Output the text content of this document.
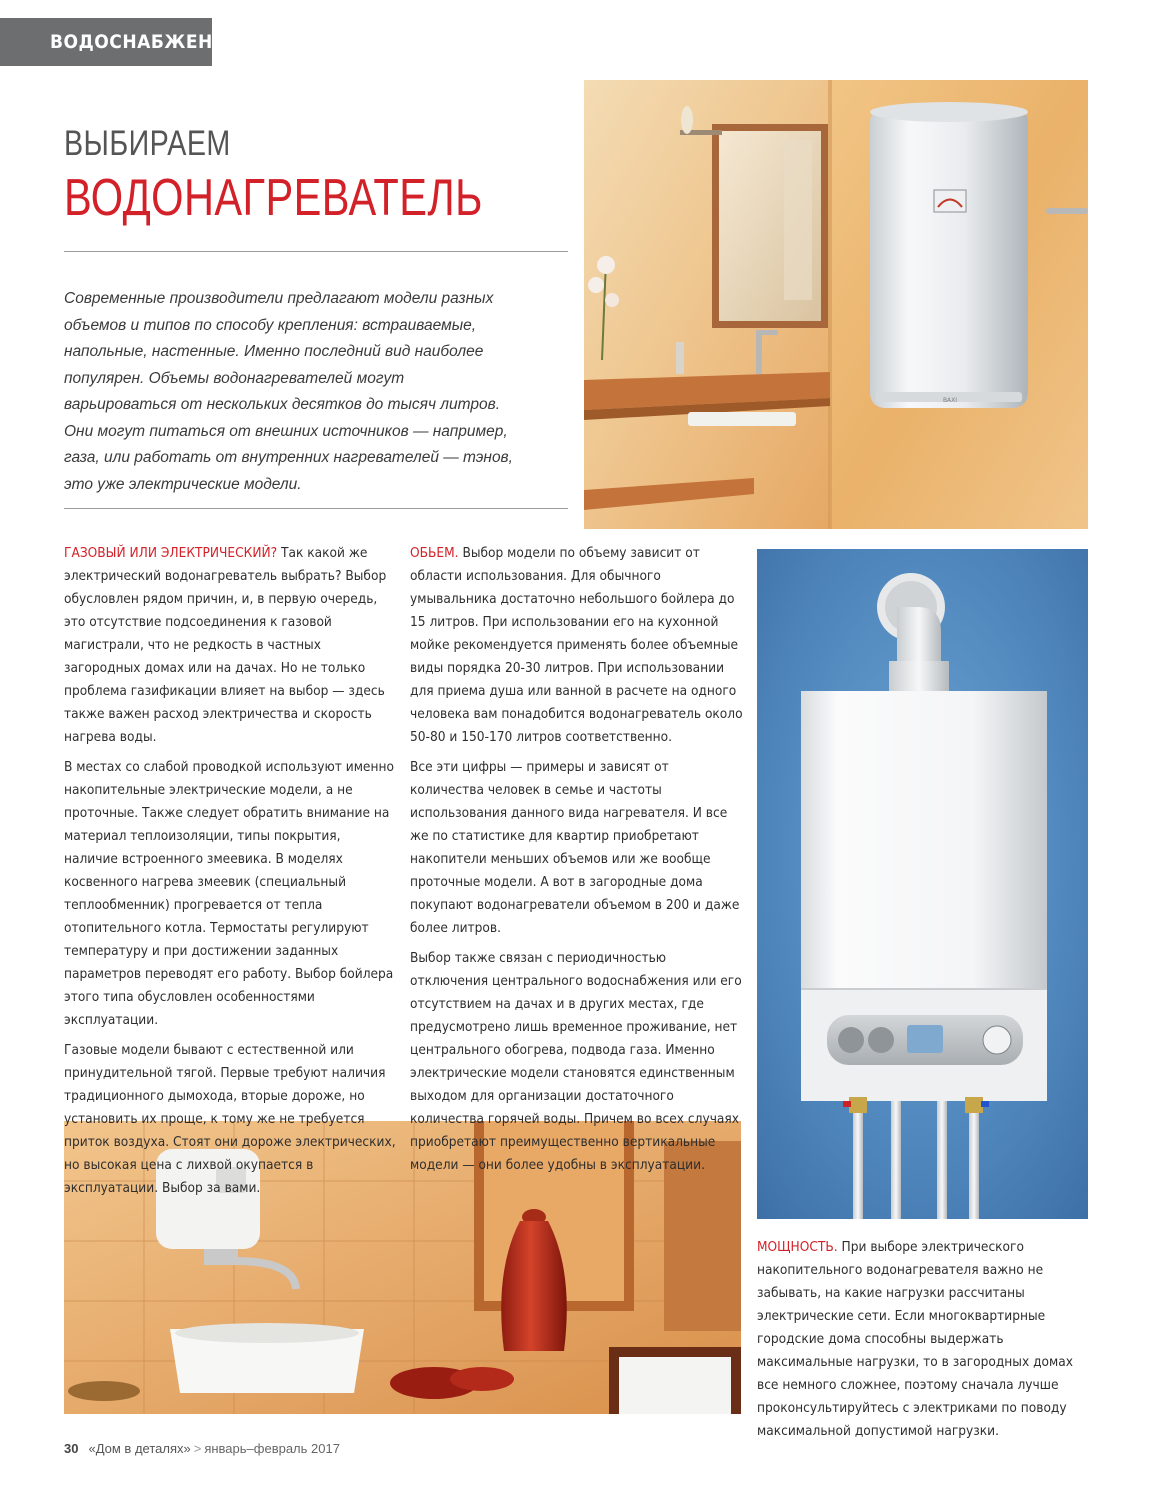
ВОДОСНАБЖЕНИЕ
ВЫБИРАЕМ
ВОДОНАГРЕВАТЕЛЬ
Современные производители предлагают модели разных объемов и типов по способу крепления: встраиваемые, напольные, настенные. Именно последний вид наиболее популярен. Объемы водонагревателей могут варьироваться от нескольких десятков до тысяч литров. Они могут питаться от внешних источников — например, газа, или работать от внутренних нагревателей — тэнов, это уже электрические модели.
BAXI

ГАЗОВЫЙ ИЛИ ЭЛЕКТРИЧЕСКИЙ? Так какой же электрический водонагреватель выбрать? Выбор обусловлен рядом причин, и, в первую очередь, это отсутствие подсоединения к газовой магистрали, что не редкость в частных загородных домах или на дачах. Но не только проблема газификации влияет на выбор — здесь также важен расход электричества и скорость нагрева воды.

В местах со слабой проводкой используют именно накопительные электрические модели, а не проточные. Также следует обратить внимание на материал теплоизоляции, типы покрытия, наличие встроенного змеевика. В моделях косвенного нагрева змеевик (специальный теплообменник) прогревается от тепла отопительного котла. Термостаты регулируют температуру и при достижении заданных параметров переводят его работу. Выбор бойлера этого типа обусловлен особенностями эксплуатации.

Газовые модели бывают с естественной или принудительной тягой. Первые требуют наличия традиционного дымохода, вторые дороже, но установить их проще, к тому же не требуется приток воздуха. Стоят они дороже электрических, но высокая цена с лихвой окупается в эксплуатации. Выбор за вами.

ОБЬЕМ. Выбор модели по объему зависит от области использования. Для обычного умывальника достаточно небольшого бойлера до 15 литров. При использовании его на кухонной мойке рекомендуется применять более объемные виды порядка 20-30 литров. При использовании для приема душа или ванной в расчете на одного человека вам понадобится водонагреватель около 50-80 и 150-170 литров соответственно.

Все эти цифры — примеры и зависят от количества человек в семье и частоты использования данного вида нагревателя. И все же по статистике для квартир приобретают накопители меньших объемов или же вообще проточные модели. А вот в загородные дома покупают водонагреватели объемом в 200 и даже более литров.

Выбор также связан с периодичностью отключения центрального водоснабжения или его отсутствием на дачах и в других местах, где предусмотрено лишь временное проживание, нет центрального обогрева, подвода газа. Именно электрические модели становятся единственным выходом для организации достаточного количества горячей воды. Причем во всех случаях приобретают преимущественно вертикальные модели — они более удобны в эксплуатации.

МОЩНОСТЬ. При выборе электрического накопительного водонагревателя важно не забывать, на какие нагрузки рассчитаны электрические сети. Если многоквартирные городские дома способны выдержать максимальные нагрузки, то в загородных домах все немного сложнее, поэтому сначала лучше проконсультируйтесь с электриками по поводу максимальной допустимой нагрузки.

30 «Дом в деталях» > январь–февраль 2017
